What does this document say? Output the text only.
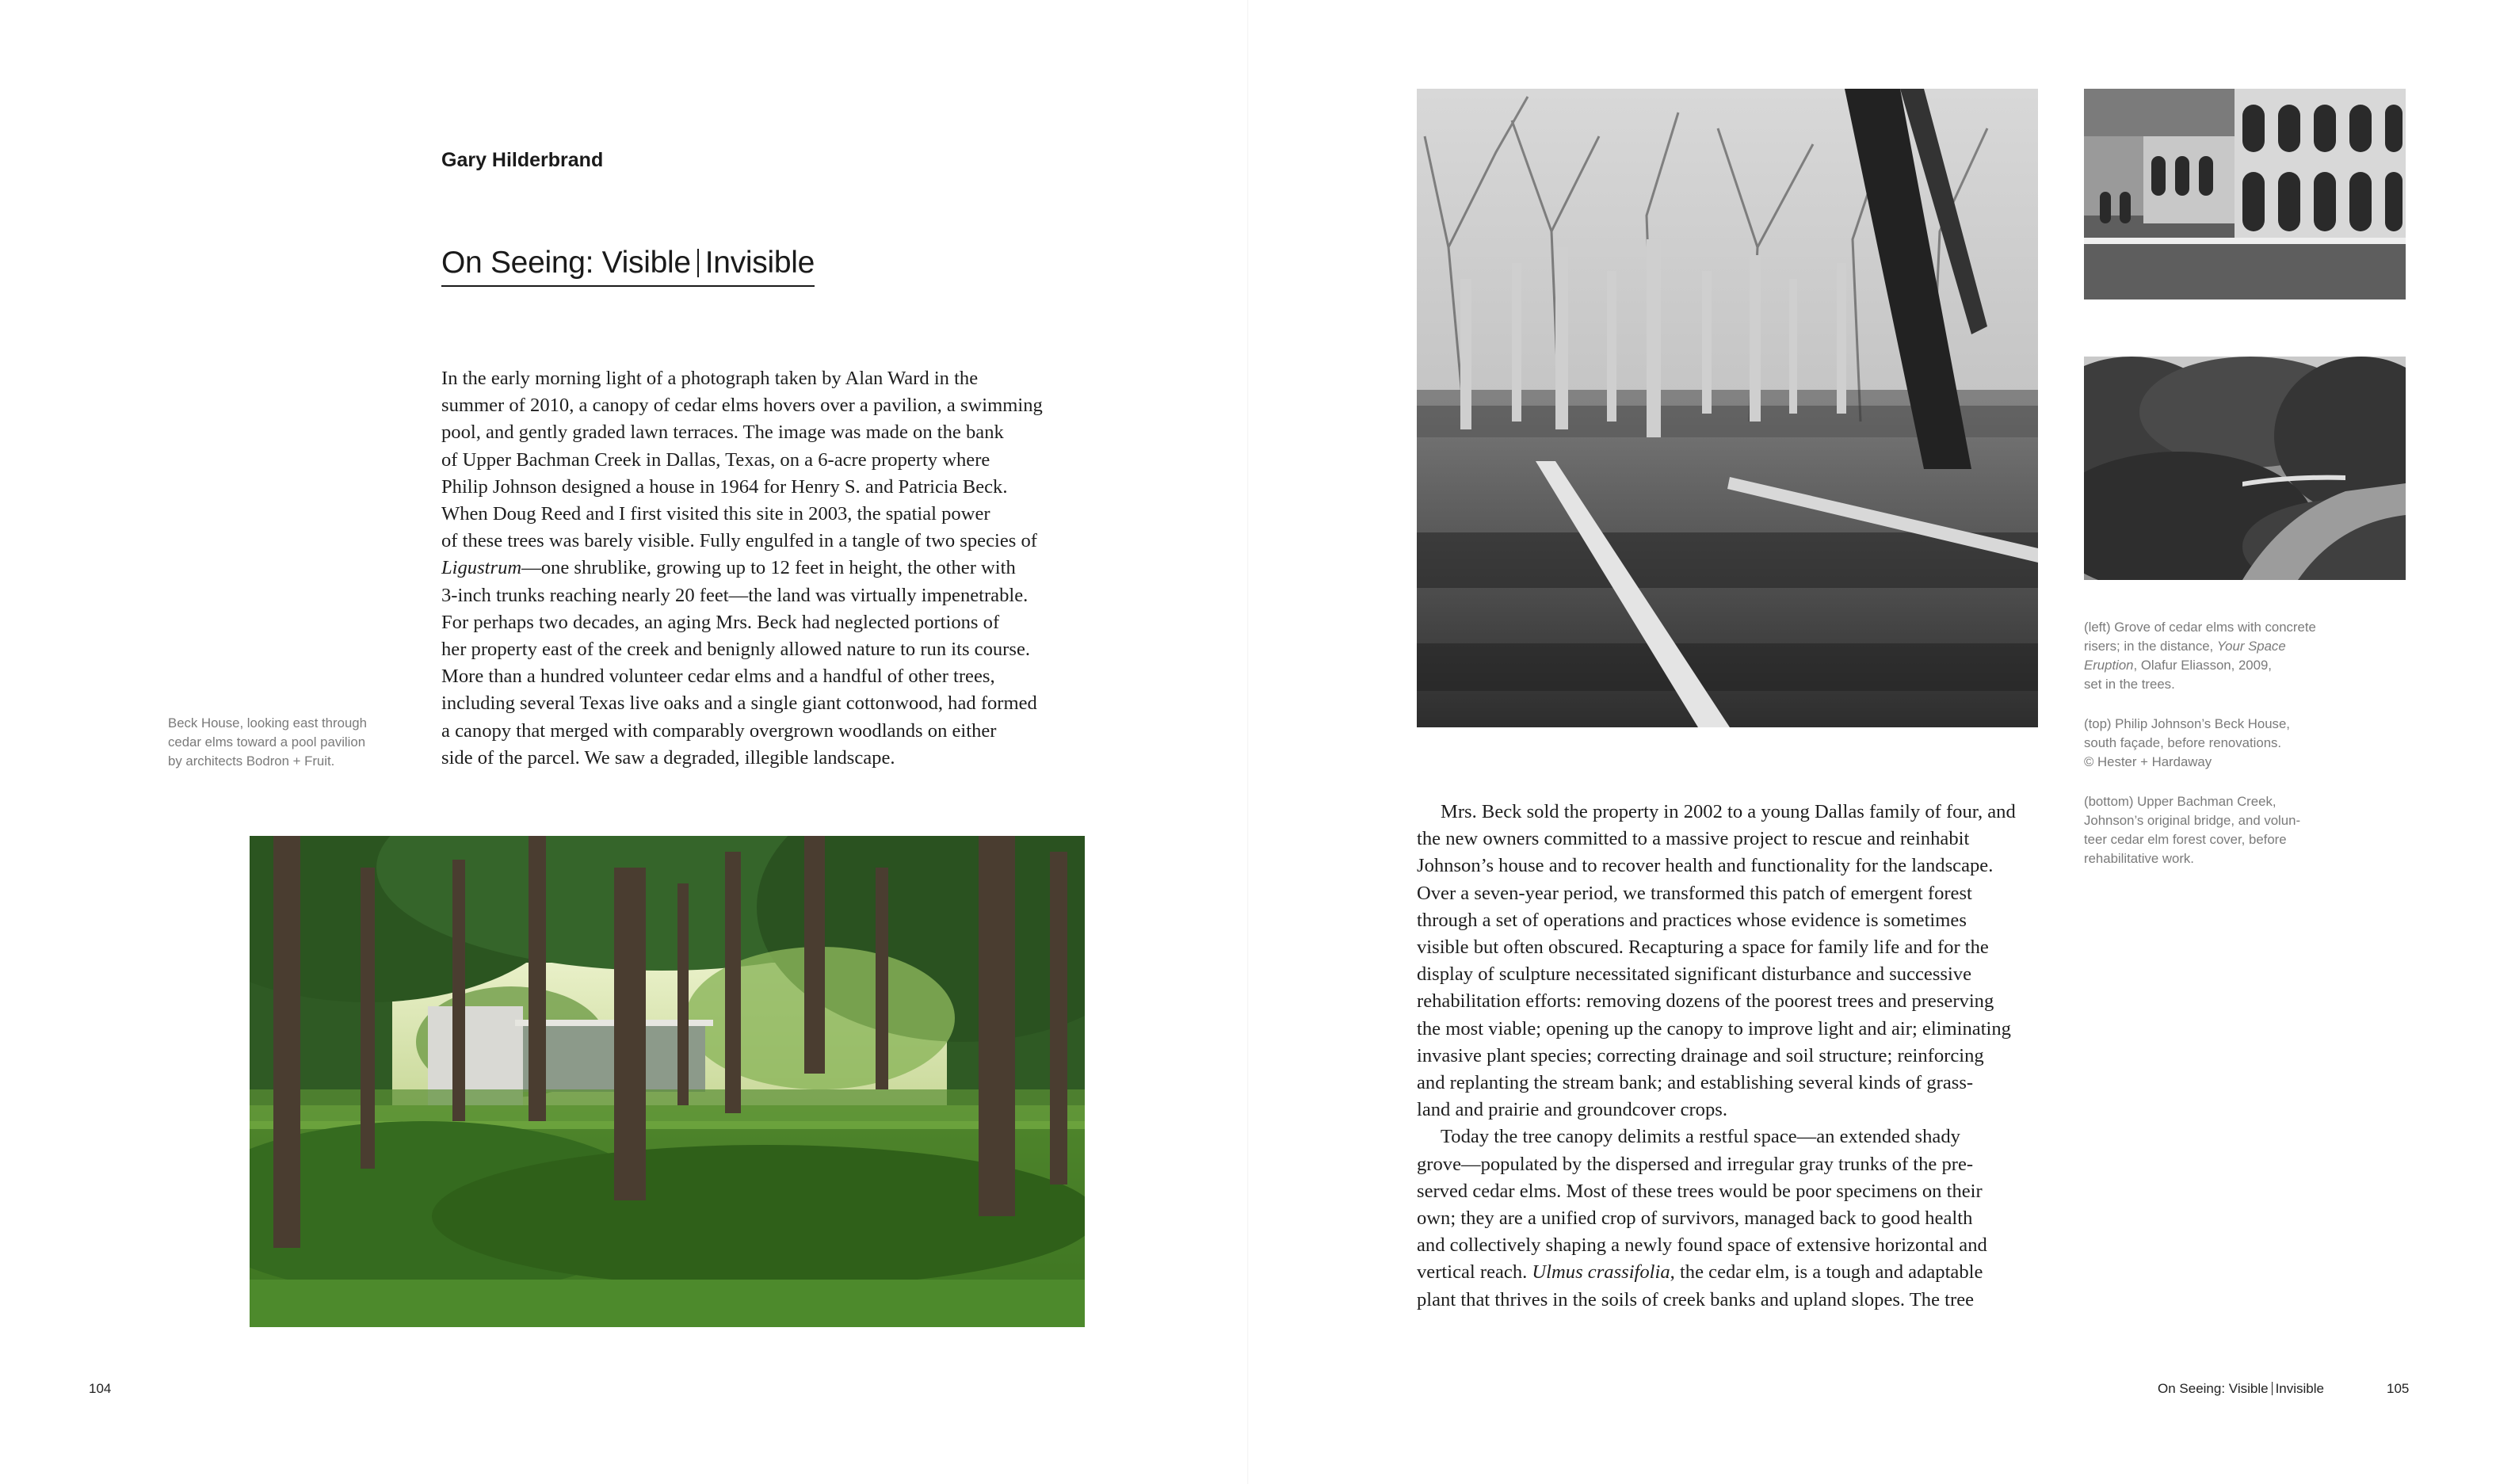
Gary Hilderbrand
On Seeing: Visible Invisible
In the early morning light of a photograph taken by Alan Ward in the
summer of 2010, a canopy of cedar elms hovers over a pavilion, a swimming
pool, and gently graded lawn terraces. The image was made on the bank
of Upper Bachman Creek in Dallas, Texas, on a 6-acre property where
Philip Johnson designed a house in 1964 for Henry S. and Patricia Beck.
When Doug Reed and I first visited this site in 2003, the spatial power
of these trees was barely visible. Fully engulfed in a tangle of two species of
Ligustrum—one shrublike, growing up to 12 feet in height, the other with
3-inch trunks reaching nearly 20 feet—the land was virtually impenetrable.
For perhaps two decades, an aging Mrs. Beck had neglected portions of
her property east of the creek and benignly allowed nature to run its course.
More than a hundred volunteer cedar elms and a handful of other trees,
including several Texas live oaks and a single giant cottonwood, had formed
a canopy that merged with comparably overgrown woodlands on either
side of the parcel. We saw a degraded, illegible landscape.
Beck House, looking east through
cedar elms toward a pool pavilion
by architects Bodron + Fruit.
104
Mrs. Beck sold the property in 2002 to a young Dallas family of four, and
the new owners committed to a massive project to rescue and reinhabit
Johnson’s house and to recover health and functionality for the landscape.
Over a seven-year period, we transformed this patch of emergent forest
through a set of operations and practices whose evidence is sometimes
visible but often obscured. Recapturing a space for family life and for the
display of sculpture necessitated significant disturbance and successive
rehabilitation efforts: removing dozens of the poorest trees and preserving
the most viable; opening up the canopy to improve light and air; eliminating
invasive plant species; correcting drainage and soil structure; reinforcing
and replanting the stream bank; and establishing several kinds of grass-
land and prairie and groundcover crops.
Today the tree canopy delimits a restful space—an extended shady
grove—populated by the dispersed and irregular gray trunks of the pre-
served cedar elms. Most of these trees would be poor specimens on their
own; they are a unified crop of survivors, managed back to good health
and collectively shaping a newly found space of extensive horizontal and
vertical reach. Ulmus crassifolia, the cedar elm, is a tough and adaptable
plant that thrives in the soils of creek banks and upland slopes. The tree
(left) Grove of cedar elms with concrete
risers; in the distance, Your Space
Eruption, Olafur Eliasson, 2009,
set in the trees.
(top) Philip Johnson’s Beck House,
south façade, before renovations.
© Hester + Hardaway
(bottom) Upper Bachman Creek,
Johnson’s original bridge, and volun-
teer cedar elm forest cover, before
rehabilitative work.
On Seeing: Visible Invisible	105
